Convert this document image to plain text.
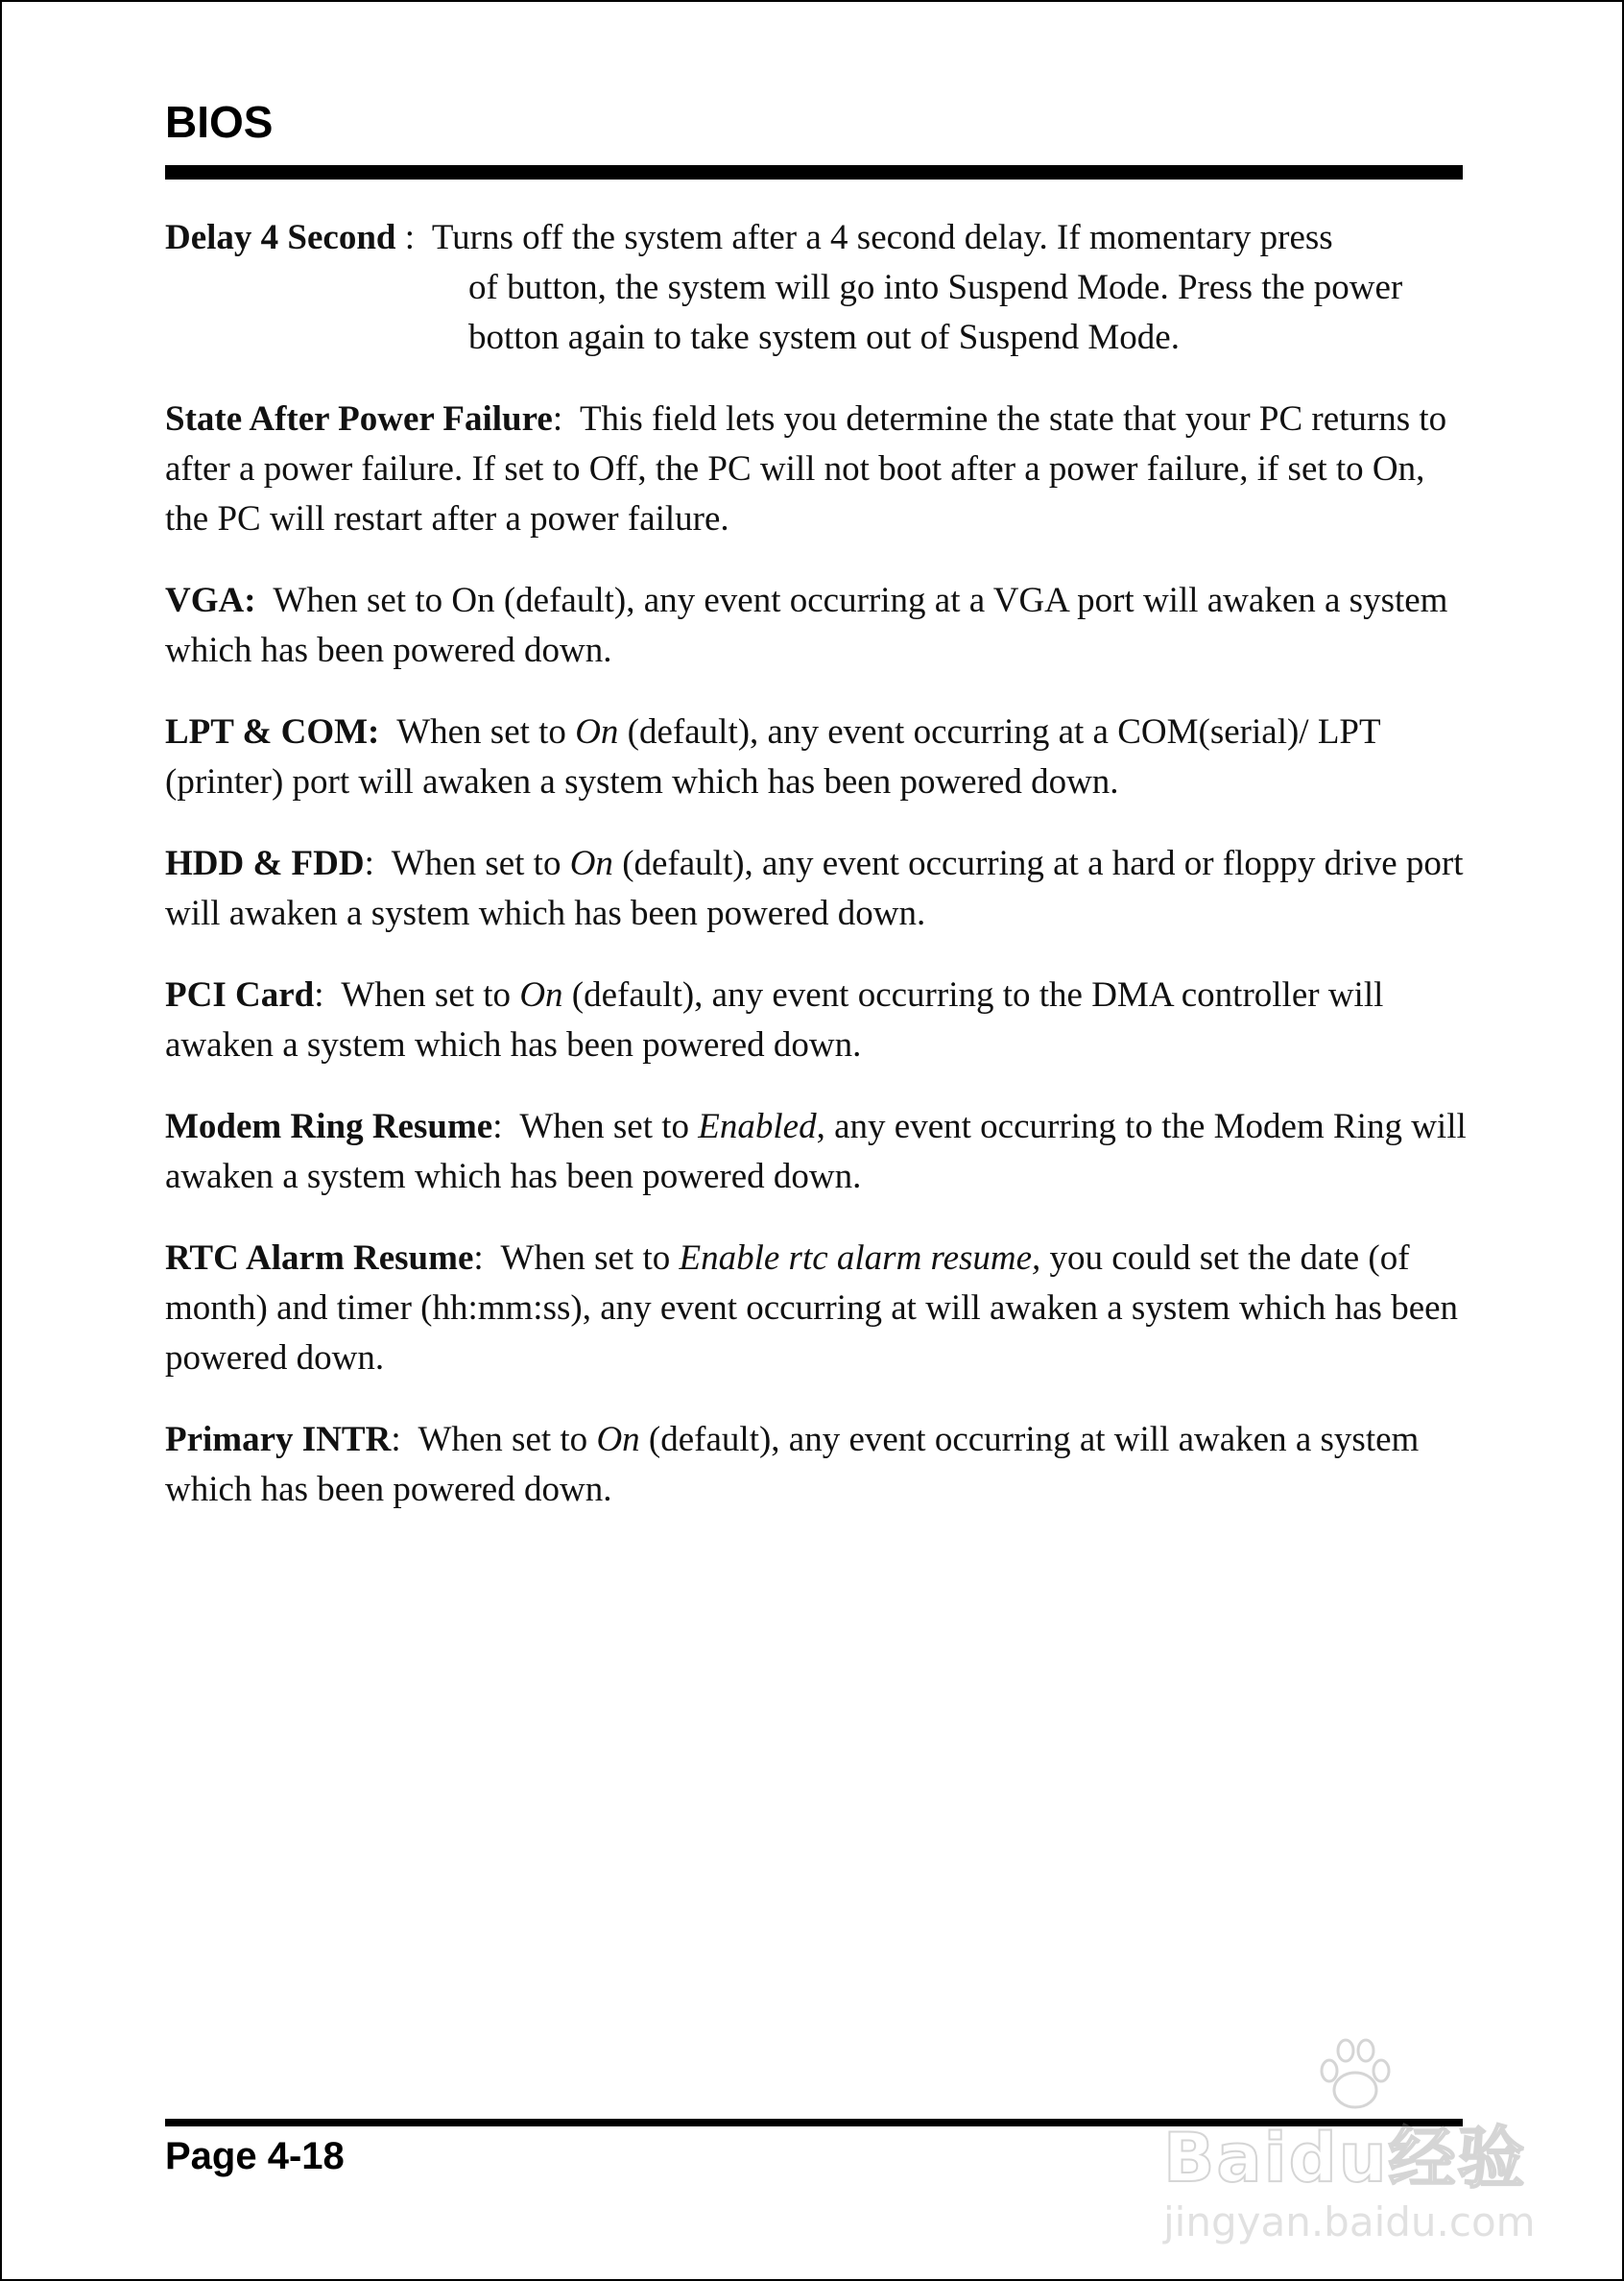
BIOS
Delay 4 Second :  Turns off the system after a 4 second delay. If momentary press
of button, the system will go into Suspend Mode. Press the power botton again to take system out of Suspend Mode.
State After Power Failure:  This field lets you determine the state that your PC returns to after a power failure. If set to Off, the PC will not boot after a power failure, if set to On, the PC will restart after a power failure.
VGA: When set to On (default), any event occurring at a VGA port will awaken a system which has been powered down.
LPT & COM: When set to On (default), any event occurring at a COM(serial)/ LPT (printer) port will awaken a system which has been powered down.
HDD & FDD:  When set to On (default), any event occurring at a hard or floppy drive port will awaken a system which has been powered down.
PCI Card:  When set to On (default), any event occurring to the DMA controller will awaken a system which has been powered down.
Modem Ring Resume:  When set to Enabled, any event occurring to the Modem Ring will awaken a system which has been powered down.
RTC Alarm Resume:  When set to Enable rtc alarm resume, you could set the date (of month) and timer (hh:mm:ss), any event occurring at will awaken a system which has been powered down.
Primary INTR:  When set to On (default), any event occurring at will awaken a system which has been powered down.
Page 4-18	Baidu经验
jingyan.baidu.com
